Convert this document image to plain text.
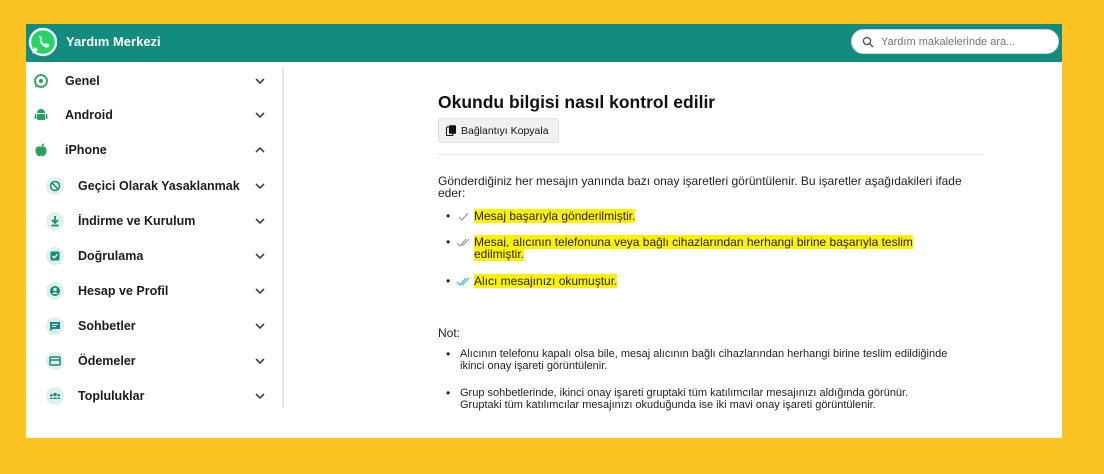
Yardım Merkezi
Yardım makalelerinde ara...
Genel
Android
iPhone
Geçici Olarak Yasaklanmak
İndirme ve Kurulum
Doğrulama
Hesap ve Profil
Sohbetler
Ödemeler
Topluluklar
Okundu bilgisi nasıl kontrol edilir
Bağlantıyı Kopyala
Gönderdiğiniz her mesajın yanında bazı onay işaretleri görüntülenir. Bu işaretler aşağıdakileri ifade eder:
•	Mesaj başarıyla gönderilmiştir.
•	Mesaj, alıcının telefonuna veya bağlı cihazlarından herhangi birine başarıyla teslim edilmiştir.
•	Alıcı mesajınızı okumuştur.
Not:
• Alıcının telefonu kapalı olsa bile, mesaj alıcının bağlı cihazlarından herhangi birine teslim edildiğinde ikinci onay işareti görüntülenir.
• Grup sohbetlerinde, ikinci onay işareti gruptaki tüm katılımcılar mesajınızı aldığında görünür. Gruptaki tüm katılımcılar mesajınızı okuduğunda ise iki mavi onay işareti görüntülenir.
